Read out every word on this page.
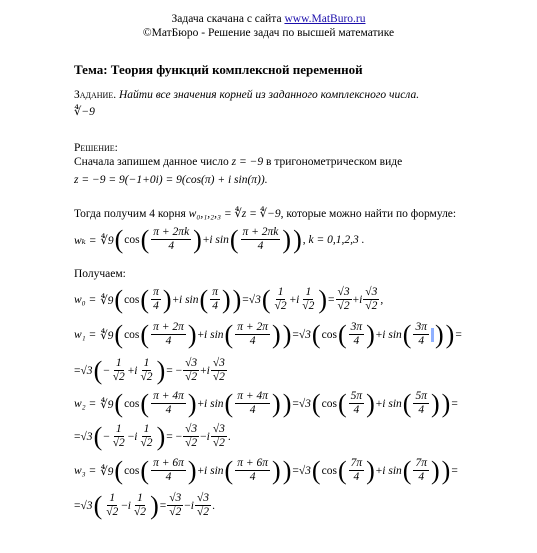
Задача скачана с сайта www.MatBuro.ru
©МатБюро - Решение задач по высшей математике
Тема: Теория функций комплексной переменной
Задание. Найти все значения корней из заданного комплексного числа.
∜−9
Решение:
Сначала запишем данное число z = −9 в тригонометрическом виде
z = −9 = 9(−1+0i) = 9(cos(π) + i sin(π)).
Тогда получим 4 корня w₀,₁,₂,₃ = ∜z = ∜−9, которые можно найти по формуле:
wₖ = ∜9 ( cos ( $\frac{\pi + 2\pi k}{4}$ ) + i sin ( $\frac{\pi + 2\pi k}{4}$ ) ) , k = 0,1,2,3 .
Получаем:
w₀ = ∜9 ( cos ( $\frac{\pi}{4}$ ) + i sin ( $\frac{\pi}{4}$ ) ) = √3 ( $\frac{1}{√2} + i \frac{1}{√2}$ ) = $\frac{√3}{√2} + i \frac{√3}{√2}$ ,
w₁ = ∜9 ( cos ( $\frac{\pi + 2\pi}{4}$ ) + i sin ( $\frac{\pi + 2\pi}{4}$ ) ) = √3 ( cos ( $\frac{3\pi}{4}$ ) + i sin ( $\frac{3\pi}{4}$ ) ) =
= √3 ( − $\frac{1}{√2} + i \frac{1}{√2}$ ) = − $\frac{√3}{√2} + i \frac{√3}{√2}$
w₂ = ∜9 ( cos ( $\frac{\pi + 4\pi}{4}$ ) + i sin ( $\frac{\pi + 4\pi}{4}$ ) ) = √3 ( cos ( $\frac{5\pi}{4}$ ) + i sin ( $\frac{5\pi}{4}$ ) ) =
= √3 ( − $\frac{1}{√2} - i \frac{1}{√2}$ ) = − $\frac{√3}{√2} - i \frac{√3}{√2}$ .
w₃ = ∜9 ( cos ( $\frac{\pi + 6\pi}{4}$ ) + i sin ( $\frac{\pi + 6\pi}{4}$ ) ) = √3 ( cos ( $\frac{7\pi}{4}$ ) + i sin ( $\frac{7\pi}{4}$ ) ) =
= √3 ( $\frac{1}{√2} - i \frac{1}{√2}$ ) = $\frac{√3}{√2} - i \frac{√3}{√2}$ .
